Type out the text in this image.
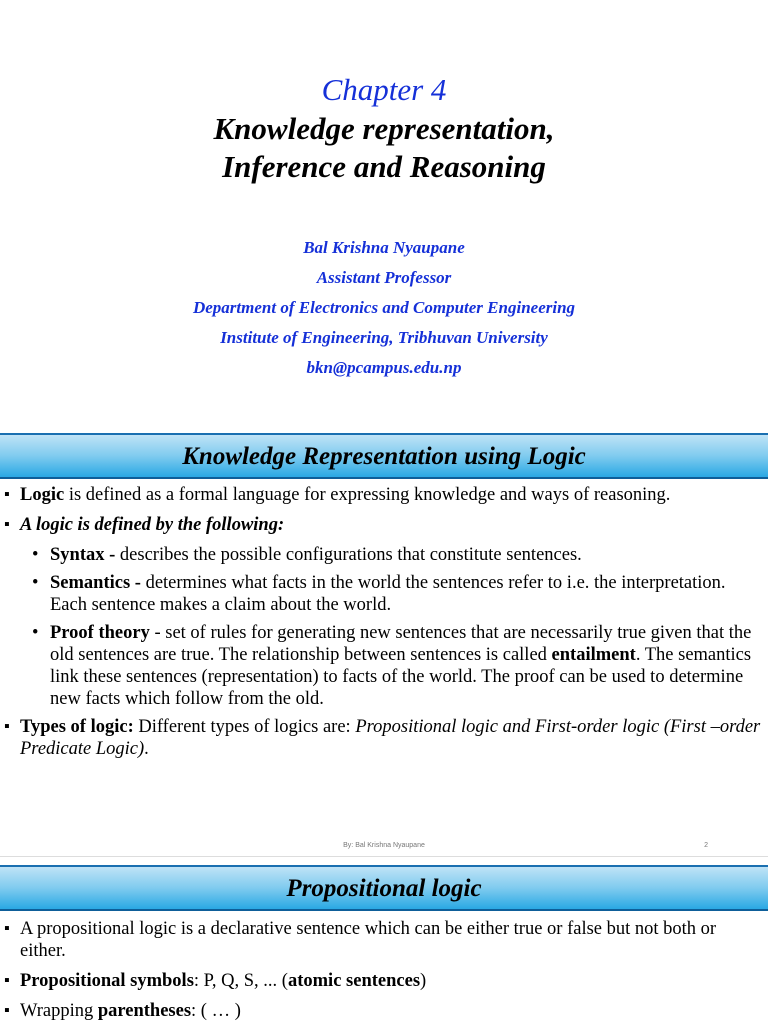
Chapter 4
Knowledge representation,
Inference and Reasoning
Bal Krishna Nyaupane
Assistant Professor
Department of Electronics and Computer Engineering
Institute of Engineering, Tribhuvan University
bkn@pcampus.edu.np
Knowledge Representation using Logic
▪ Logic is defined as a formal language for expressing knowledge and ways of reasoning.
▪ A logic is defined by the following:
• Syntax - describes the possible configurations that constitute sentences.
• Semantics - determines what facts in the world the sentences refer to i.e. the interpretation. Each sentence makes a claim about the world.
• Proof theory - set of rules for generating new sentences that are necessarily true given that the old sentences are true. The relationship between sentences is called entailment. The semantics link these sentences (representation) to facts of the world. The proof can be used to determine new facts which follow from the old.
▪ Types of logic: Different types of logics are: Propositional logic and First-order logic (First –order Predicate Logic).
By: Bal Krishna Nyaupane	2
Propositional logic
▪ A propositional logic is a declarative sentence which can be either true or false but not both or either.
▪ Propositional symbols: P, Q, S, ... (atomic sentences)
▪ Wrapping parentheses: ( … )
